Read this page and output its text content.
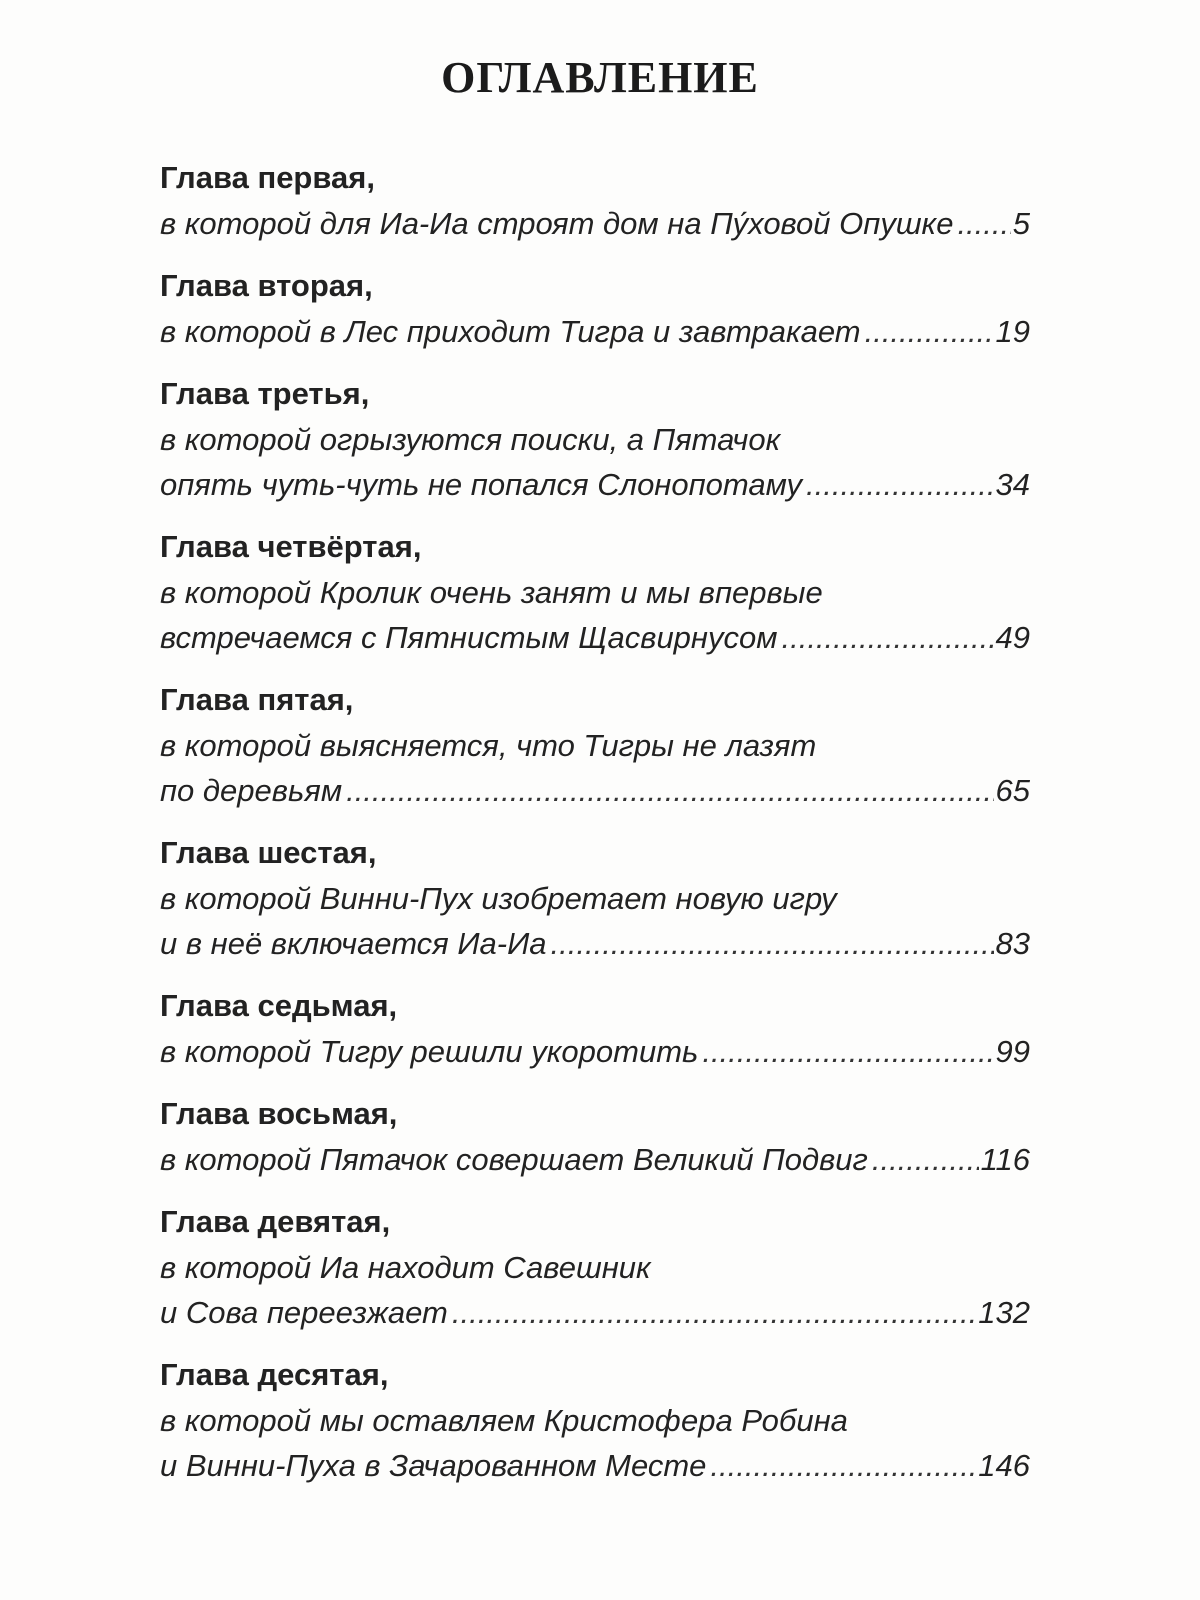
ОГЛАВЛЕНИЕ
Глава первая,
в которой для Иа-Иа строят дом на Пу́ховой Опушке ..... 5
Глава вторая,
в которой в Лес приходит Тигра и завтракает .....	19
Глава третья,
в которой огрызуются поиски, а Пятачок
опять чуть-чуть не попался Слонопотаму .....	34
Глава четвёртая,
в которой Кролик очень занят и мы впервые
встречаемся с Пятнистым Щасвирнусом .....	49
Глава пятая,
в которой выясняется, что Тигры не лазят
по деревьям .....	65
Глава шестая,
в которой Винни-Пух изобретает новую игру
и в неё включается Иа-Иа .....	83
Глава седьмая,
в которой Тигру решили укоротить .....	99
Глава восьмая,
в которой Пятачок совершает Великий Подвиг .....	116
Глава девятая,
в которой Иа находит Савешник
и Сова переезжает .....	132
Глава десятая,
в которой мы оставляем Кристофера Робина
и Винни-Пуха в Зачарованном Месте .....	146
